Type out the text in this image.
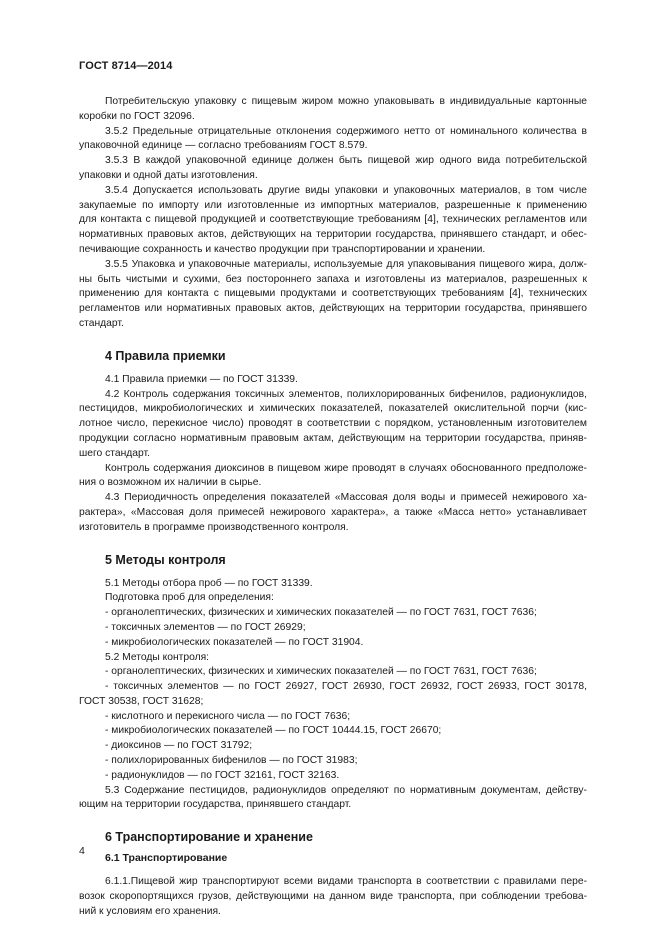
ГОСТ 8714—2014
Потребительскую упаковку с пищевым жиром можно упаковывать в индивидуальные картонные
коробки по ГОСТ 32096.
3.5.2 Предельные отрицательные отклонения содержимого нетто от номинального количества в
упаковочной единице — согласно требованиям ГОСТ 8.579.
3.5.3 В каждой упаковочной единице должен быть пищевой жир одного вида потребительской
упаковки и одной даты изготовления.
3.5.4 Допускается использовать другие виды упаковки и упаковочных материалов, в том числе
закупаемые по импорту или изготовленные из импортных материалов, разрешенные к применению
для контакта с пищевой продукцией и соответствующие требованиям [4], технических регламентов или
нормативных правовых актов, действующих на территории государства, принявшего стандарт, и обес-
печивающие сохранность и качество продукции при транспортировании и хранении.
3.5.5 Упаковка и упаковочные материалы, используемые для упаковывания пищевого жира, долж-
ны быть чистыми и сухими, без постороннего запаха и изготовлены из материалов, разрешенных к
применению для контакта с пищевыми продуктами и соответствующих требованиям [4], технических
регламентов или нормативных правовых актов, действующих на территории государства, принявшего
стандарт.
4 Правила приемки
4.1 Правила приемки — по ГОСТ 31339.
4.2 Контроль содержания токсичных элементов, полихлорированных бифенилов, радионуклидов,
пестицидов, микробиологических и химических показателей, показателей окислительной порчи (кис-
лотное число, перекисное число) проводят в соответствии с порядком, установленным изготовителем
продукции согласно нормативным правовым актам, действующим на территории государства, приняв-
шего стандарт.
Контроль содержания диоксинов в пищевом жире проводят в случаях обоснованного предположе-
ния о возможном их наличии в сырье.
4.3 Периодичность определения показателей «Массовая доля воды и примесей нежирового ха-
рактера», «Массовая доля примесей нежирового характера», а также «Масса нетто» устанавливает
изготовитель в программе производственного контроля.
5 Методы контроля
5.1 Методы отбора проб — по ГОСТ 31339.
Подготовка проб для определения:
- органолептических, физических и химических показателей — по ГОСТ 7631, ГОСТ 7636;
- токсичных элементов — по ГОСТ 26929;
- микробиологических показателей — по ГОСТ 31904.
5.2 Методы контроля:
- органолептических, физических и химических показателей — по ГОСТ 7631, ГОСТ 7636;
- токсичных элементов — по ГОСТ 26927, ГОСТ 26930, ГОСТ 26932, ГОСТ 26933, ГОСТ 30178,
ГОСТ 30538, ГОСТ 31628;
- кислотного и перекисного числа — по ГОСТ 7636;
- микробиологических показателей — по ГОСТ 10444.15, ГОСТ 26670;
- диоксинов — по ГОСТ 31792;
- полихлорированных бифенилов — по ГОСТ 31983;
- радионуклидов — по ГОСТ 32161, ГОСТ 32163.
5.3 Содержание пестицидов, радионуклидов определяют по нормативным документам, действу-
ющим на территории государства, принявшего стандарт.
6 Транспортирование и хранение
6.1 Транспортирование
6.1.1.Пищевой жир транспортируют всеми видами транспорта в соответствии с правилами пере-
возок скоропортящихся грузов, действующими на данном виде транспорта, при соблюдении требова-
ний к условиям его хранения.
4
